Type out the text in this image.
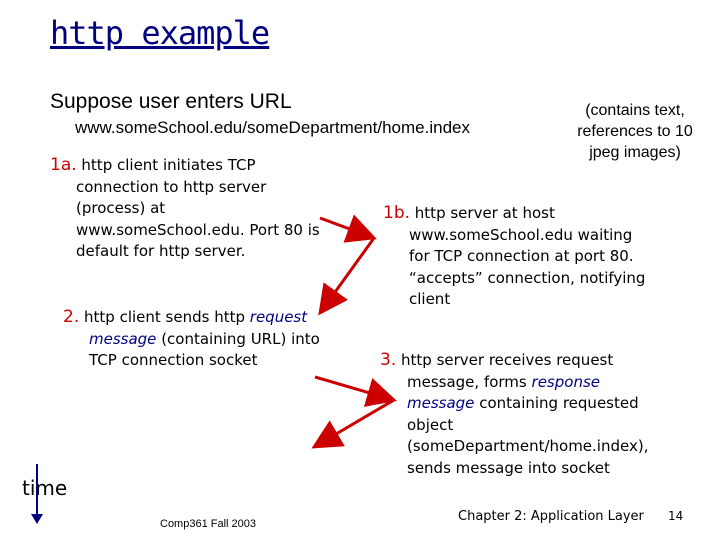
http example
Suppose user enters URL
www.someSchool.edu/someDepartment/home.index
(contains text, references to 10 jpeg images)
1a. http client initiates TCP
connection to http server
(process) at
www.someSchool.edu. Port 80 is
default for http server.
1b. http server at host
www.someSchool.edu waiting
for TCP connection at port 80.
“accepts” connection, notifying
client
2. http client sends http request
message (containing URL) into
TCP connection socket	3. http server receives request
message, forms response
message containing requested
object
(someDepartment/home.index),
sends message into socket
time
Comp361 Fall 2003	Chapter 2: Application Layer 14
